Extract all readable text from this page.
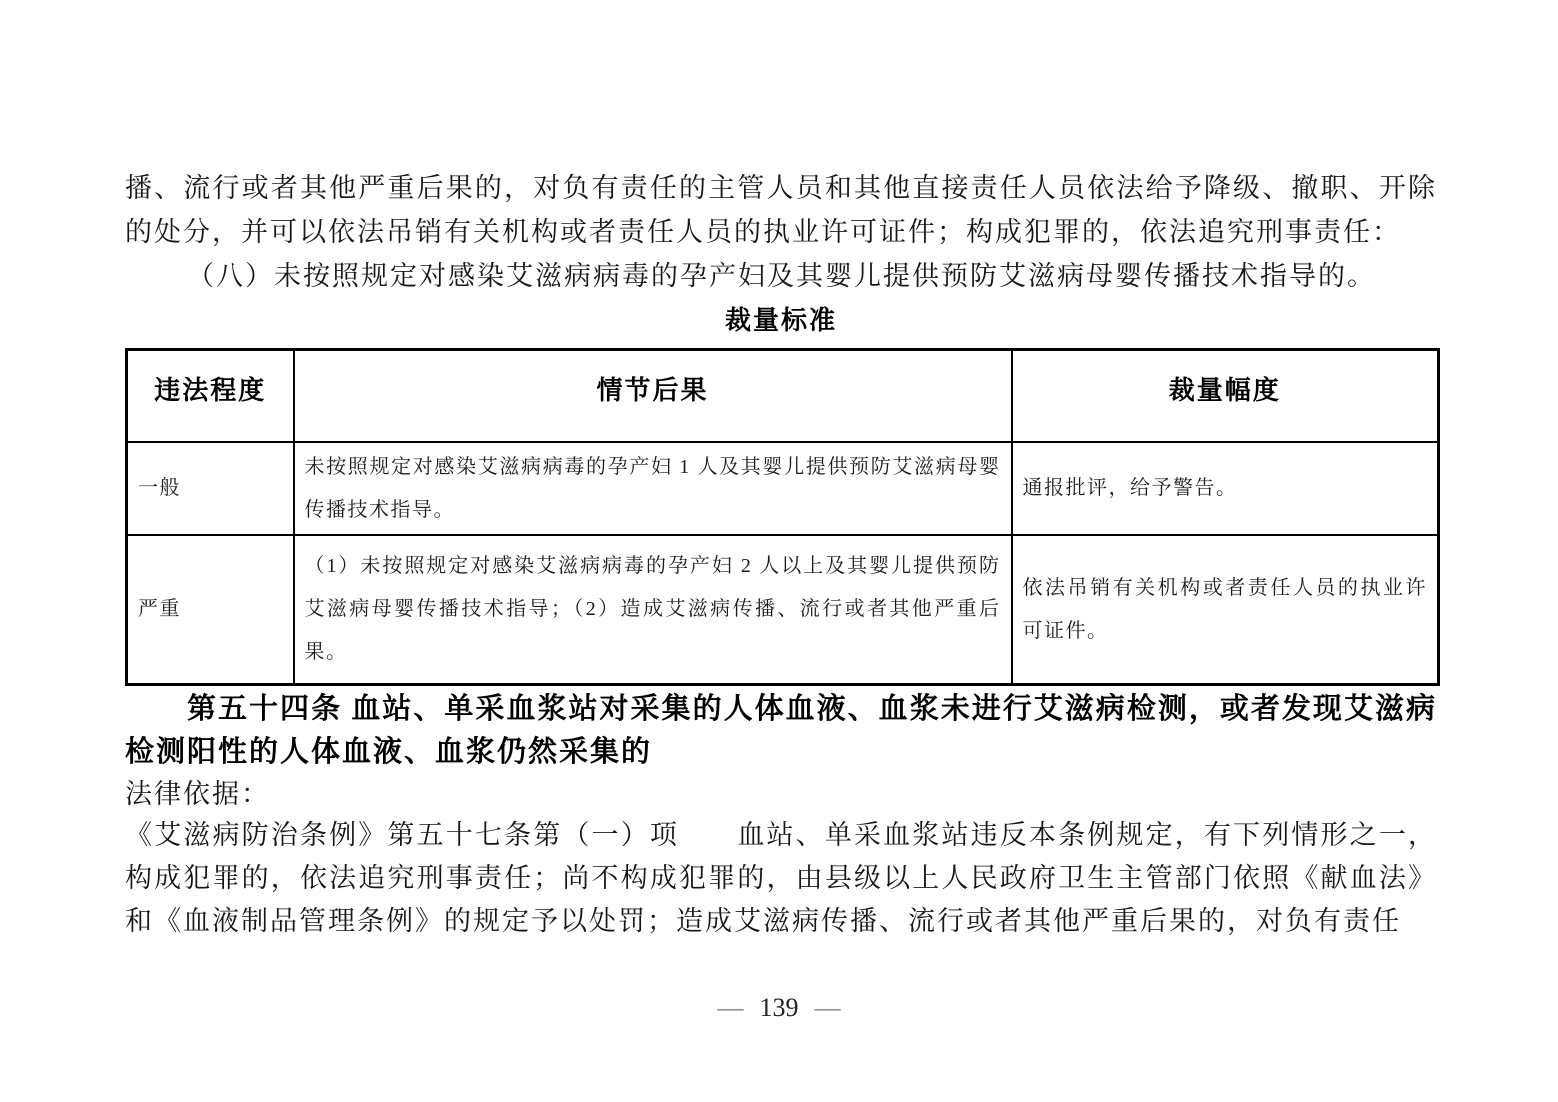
播、流行或者其他严重后果的，对负有责任的主管人员和其他直接责任人员依法给予降级、撤职、开除的处分，并可以依法吊销有关机构或者责任人员的执业许可证件；构成犯罪的，依法追究刑事责任：

（八）未按照规定对感染艾滋病病毒的孕产妇及其婴儿提供预防艾滋病母婴传播技术指导的。

裁量标准
违法程度	情节后果	裁量幅度
一般	未按照规定对感染艾滋病病毒的孕产妇 1 人及其婴儿提供预防艾滋病母婴传播技术指导。	通报批评，给予警告。
严重	（1）未按照规定对感染艾滋病病毒的孕产妇 2 人以上及其婴儿提供预防艾滋病母婴传播技术指导；（2）造成艾滋病传播、流行或者其他严重后果。	依法吊销有关机构或者责任人员的执业许可证件。

第五十四条 血站、单采血浆站对采集的人体血液、血浆未进行艾滋病检测，或者发现艾滋病检测阳性的人体血液、血浆仍然采集的

法律依据：

《艾滋病防治条例》第五十七条第（一）项　　血站、单采血浆站违反本条例规定，有下列情形之一，构成犯罪的，依法追究刑事责任；尚不构成犯罪的，由县级以上人民政府卫生主管部门依照《献血法》和《血液制品管理条例》的规定予以处罚；造成艾滋病传播、流行或者其他严重后果的，对负有责任

— 139 —
